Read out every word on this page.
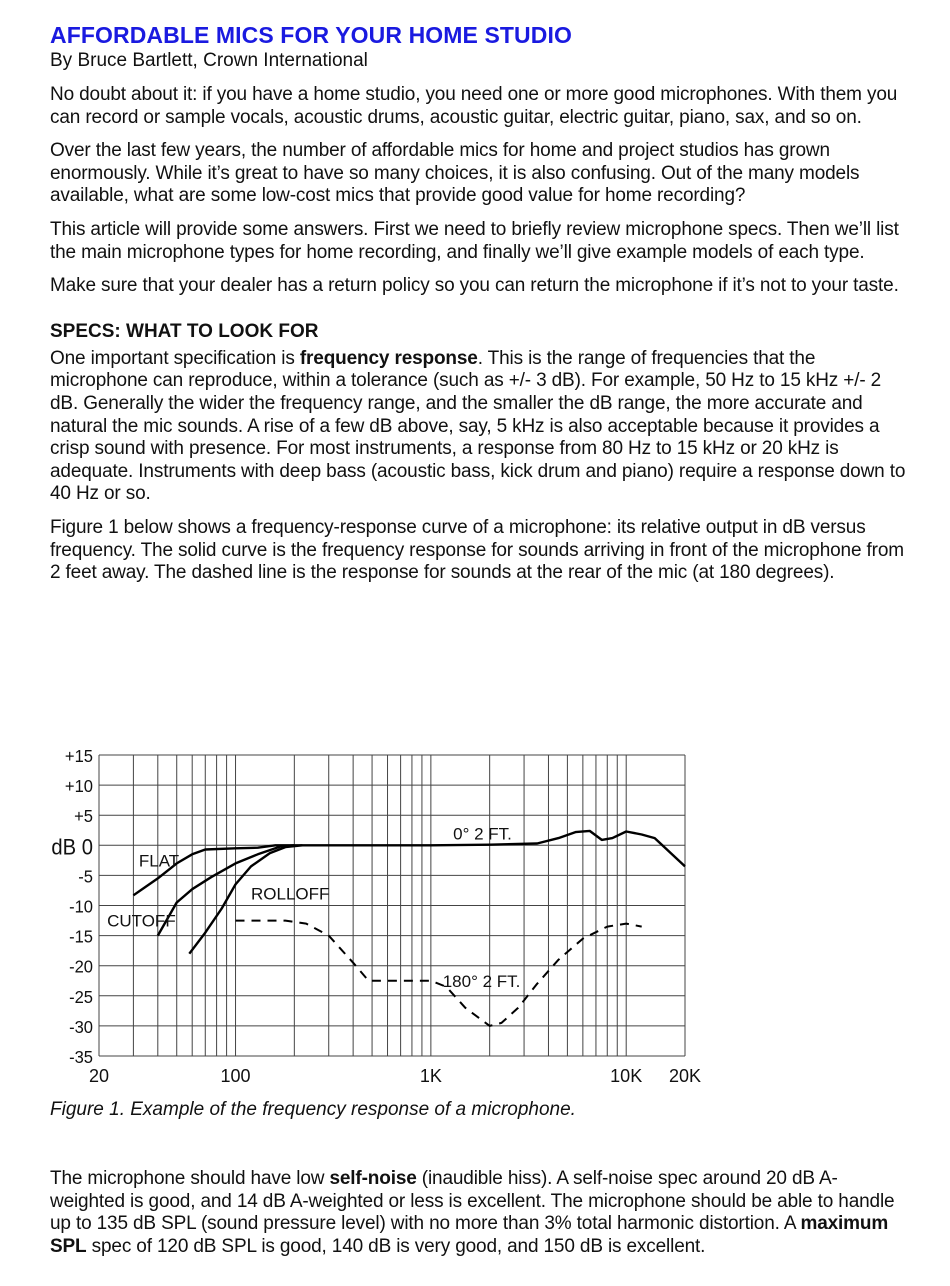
AFFORDABLE MICS FOR YOUR HOME STUDIO
By Bruce Bartlett, Crown International

No doubt about it: if you have a home studio, you need one or more good microphones. With them you can record or sample vocals, acoustic drums, acoustic guitar, electric guitar, piano, sax, and so on.

Over the last few years, the number of affordable mics for home and project studios has grown enormously. While it’s great to have so many choices, it is also confusing. Out of the many models available, what are some low-cost mics that provide good value for home recording?

This article will provide some answers. First we need to briefly review microphone specs. Then we’ll list the main microphone types for home recording, and finally we’ll give example models of each type.

Make sure that your dealer has a return policy so you can return the microphone if it’s not to your taste.

SPECS: WHAT TO LOOK FOR

One important specification is frequency response. This is the range of frequencies that the microphone can reproduce, within a tolerance (such as +/- 3 dB). For example, 50 Hz to 15 kHz +/- 2 dB. Generally the wider the frequency range, and the smaller the dB range, the more accurate and natural the mic sounds. A rise of a few dB above, say, 5 kHz is also acceptable because it provides a crisp sound with presence. For most instruments, a response from 80 Hz to 15 kHz or 20 kHz is adequate. Instruments with deep bass (acoustic bass, kick drum and piano) require a response down to 40 Hz or so.

Figure 1 below shows a frequency-response curve of a microphone: its relative output in dB versus frequency. The solid curve is the frequency response for sounds arriving in front of the microphone from 2 feet away. The dashed line is the response for sounds at the rear of the mic (at 180 degrees).

+15
+10
+5
dB 0
-5
-10
-15
-20
-25
-30
-35
20	100	1K	10K 20K
FLAT
CUTOFF
ROLLOFF
0° 2 FT.
180° 2 FT.
Figure 1. Example of the frequency response of a microphone.

The microphone should have low self-noise (inaudible hiss). A self-noise spec around 20 dB A-weighted is good, and 14 dB A-weighted or less is excellent. The microphone should be able to handle up to 135 dB SPL (sound pressure level) with no more than 3% total harmonic distortion. A maximum SPL spec of 120 dB SPL is good, 140 dB is very good, and 150 dB is excellent.
